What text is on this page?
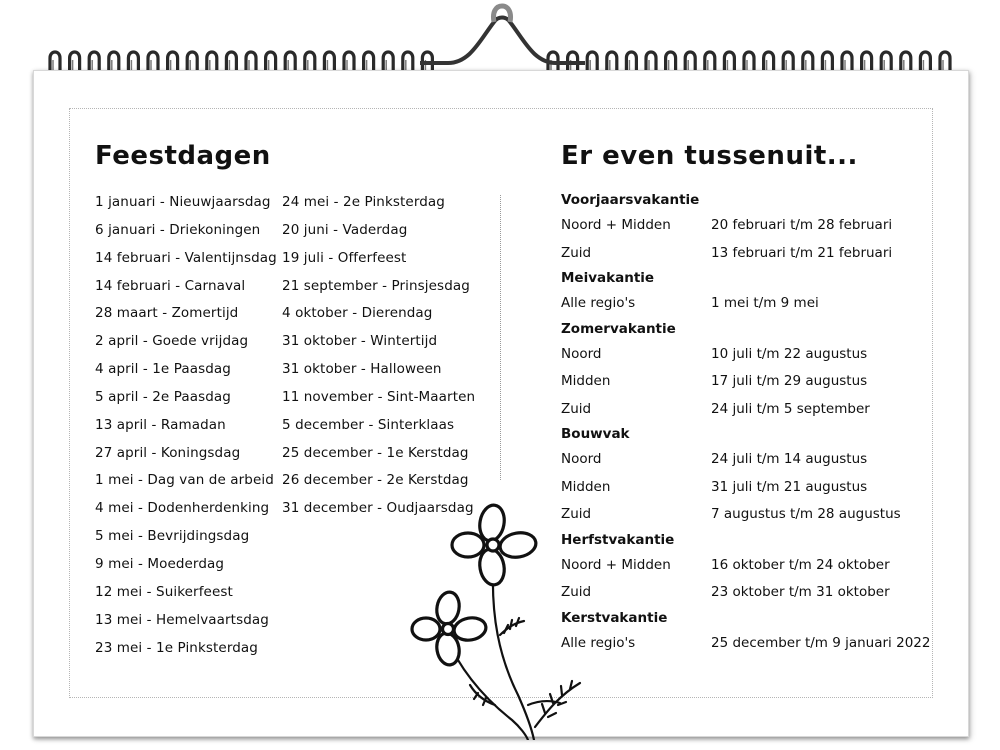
Feestdagen
1 januari - Nieuwjaarsdag
6 januari - Driekoningen
14 februari - Valentijnsdag
14 februari - Carnaval
28 maart - Zomertijd
2 april - Goede vrijdag
4 april - 1e Paasdag
5 april - 2e Paasdag
13 april - Ramadan
27 april - Koningsdag
1 mei - Dag van de arbeid
4 mei - Dodenherdenking
5 mei - Bevrijdingsdag
9 mei - Moederdag
12 mei - Suikerfeest
13 mei - Hemelvaartsdag
23 mei - 1e Pinksterdag
24 mei - 2e Pinksterdag
20 juni - Vaderdag
19 juli - Offerfeest
21 september - Prinsjesdag
4 oktober - Dierendag
31 oktober - Wintertijd
31 oktober - Halloween
11 november - Sint-Maarten
5 december - Sinterklaas
25 december - 1e Kerstdag
26 december - 2e Kerstdag
31 december - Oudjaarsdag
Er even tussenuit...
Voorjaarsvakantie
Noord + Midden	20 februari t/m 28 februari
Zuid	13 februari t/m 21 februari
Meivakantie
Alle regio's	1 mei t/m 9 mei
Zomervakantie
Noord	10 juli t/m 22 augustus
Midden	17 juli t/m 29 augustus
Zuid	24 juli t/m 5 september
Bouwvak
Noord	24 juli t/m 14 augustus
Midden	31 juli t/m 21 augustus
Zuid	7 augustus t/m 28 augustus
Herfstvakantie
Noord + Midden	16 oktober t/m 24 oktober
Zuid	23 oktober t/m 31 oktober
Kerstvakantie
Alle regio's	25 december t/m 9 januari 2022
